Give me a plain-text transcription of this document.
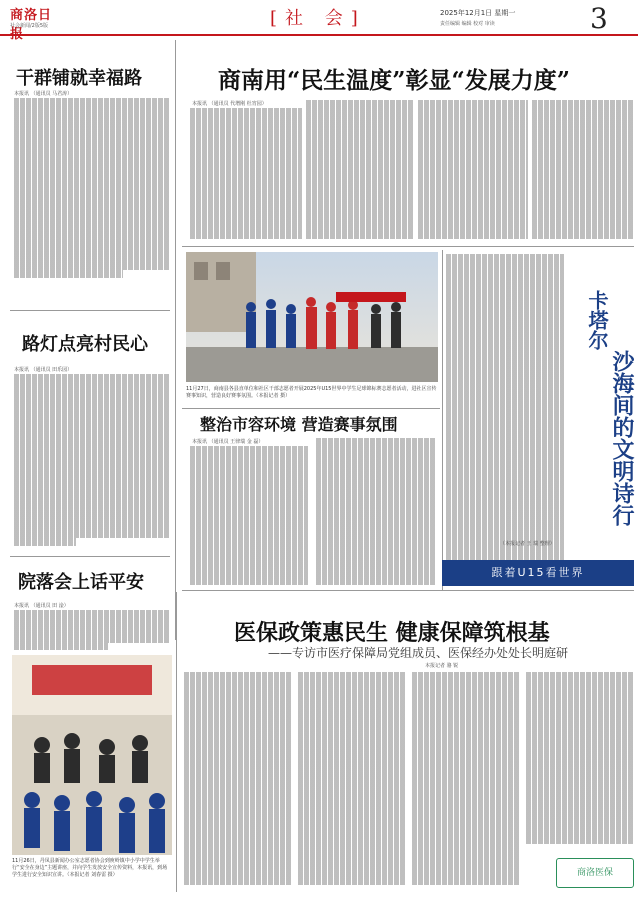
商洛日报
社会新闻/2版5版	[社 会]	2025年12月1日 星期一
责任编辑 编辑 校对 审读	3
干群铺就幸福路
本报讯 （通讯员 马君涛）
路灯点亮村民心
本报讯 （通讯员 田乐园）
院落会上话平安
本报讯 （通讯员 田 淦）
商南用“民生温度”彰显“发展力度”
本报讯 （通讯员 代增刚 杜宵园）
11月27日，商南县各县直单位和社区干部志愿者开展2025年U15世界中学生足球锦标赛志愿者活动，进社区宣传赛事知识，营造良好赛事氛围。（本报记者 摄）
卡塔尔
沙海间的文明诗行
（本报记者 王 瑞 整理）
跟着U15看世界
整治市容环境 营造赛事氛围
本报讯 （通讯员 王律瑞 金 磊）
11月26日，丹凤县新闻办公室志愿者协会到庾岭镇中小学中学生举行“安全在身边”主题讲座，并向学生发放安全宣传资料，本报讯，到场学生进行安全知识宣讲。（本报记者 刘春雷 摄）
医保政策惠民生 健康保障筑根基
——专访市医疗保障局党组成员、医保经办处处长明庭研
本报记者 骆 锐
商洛医保
